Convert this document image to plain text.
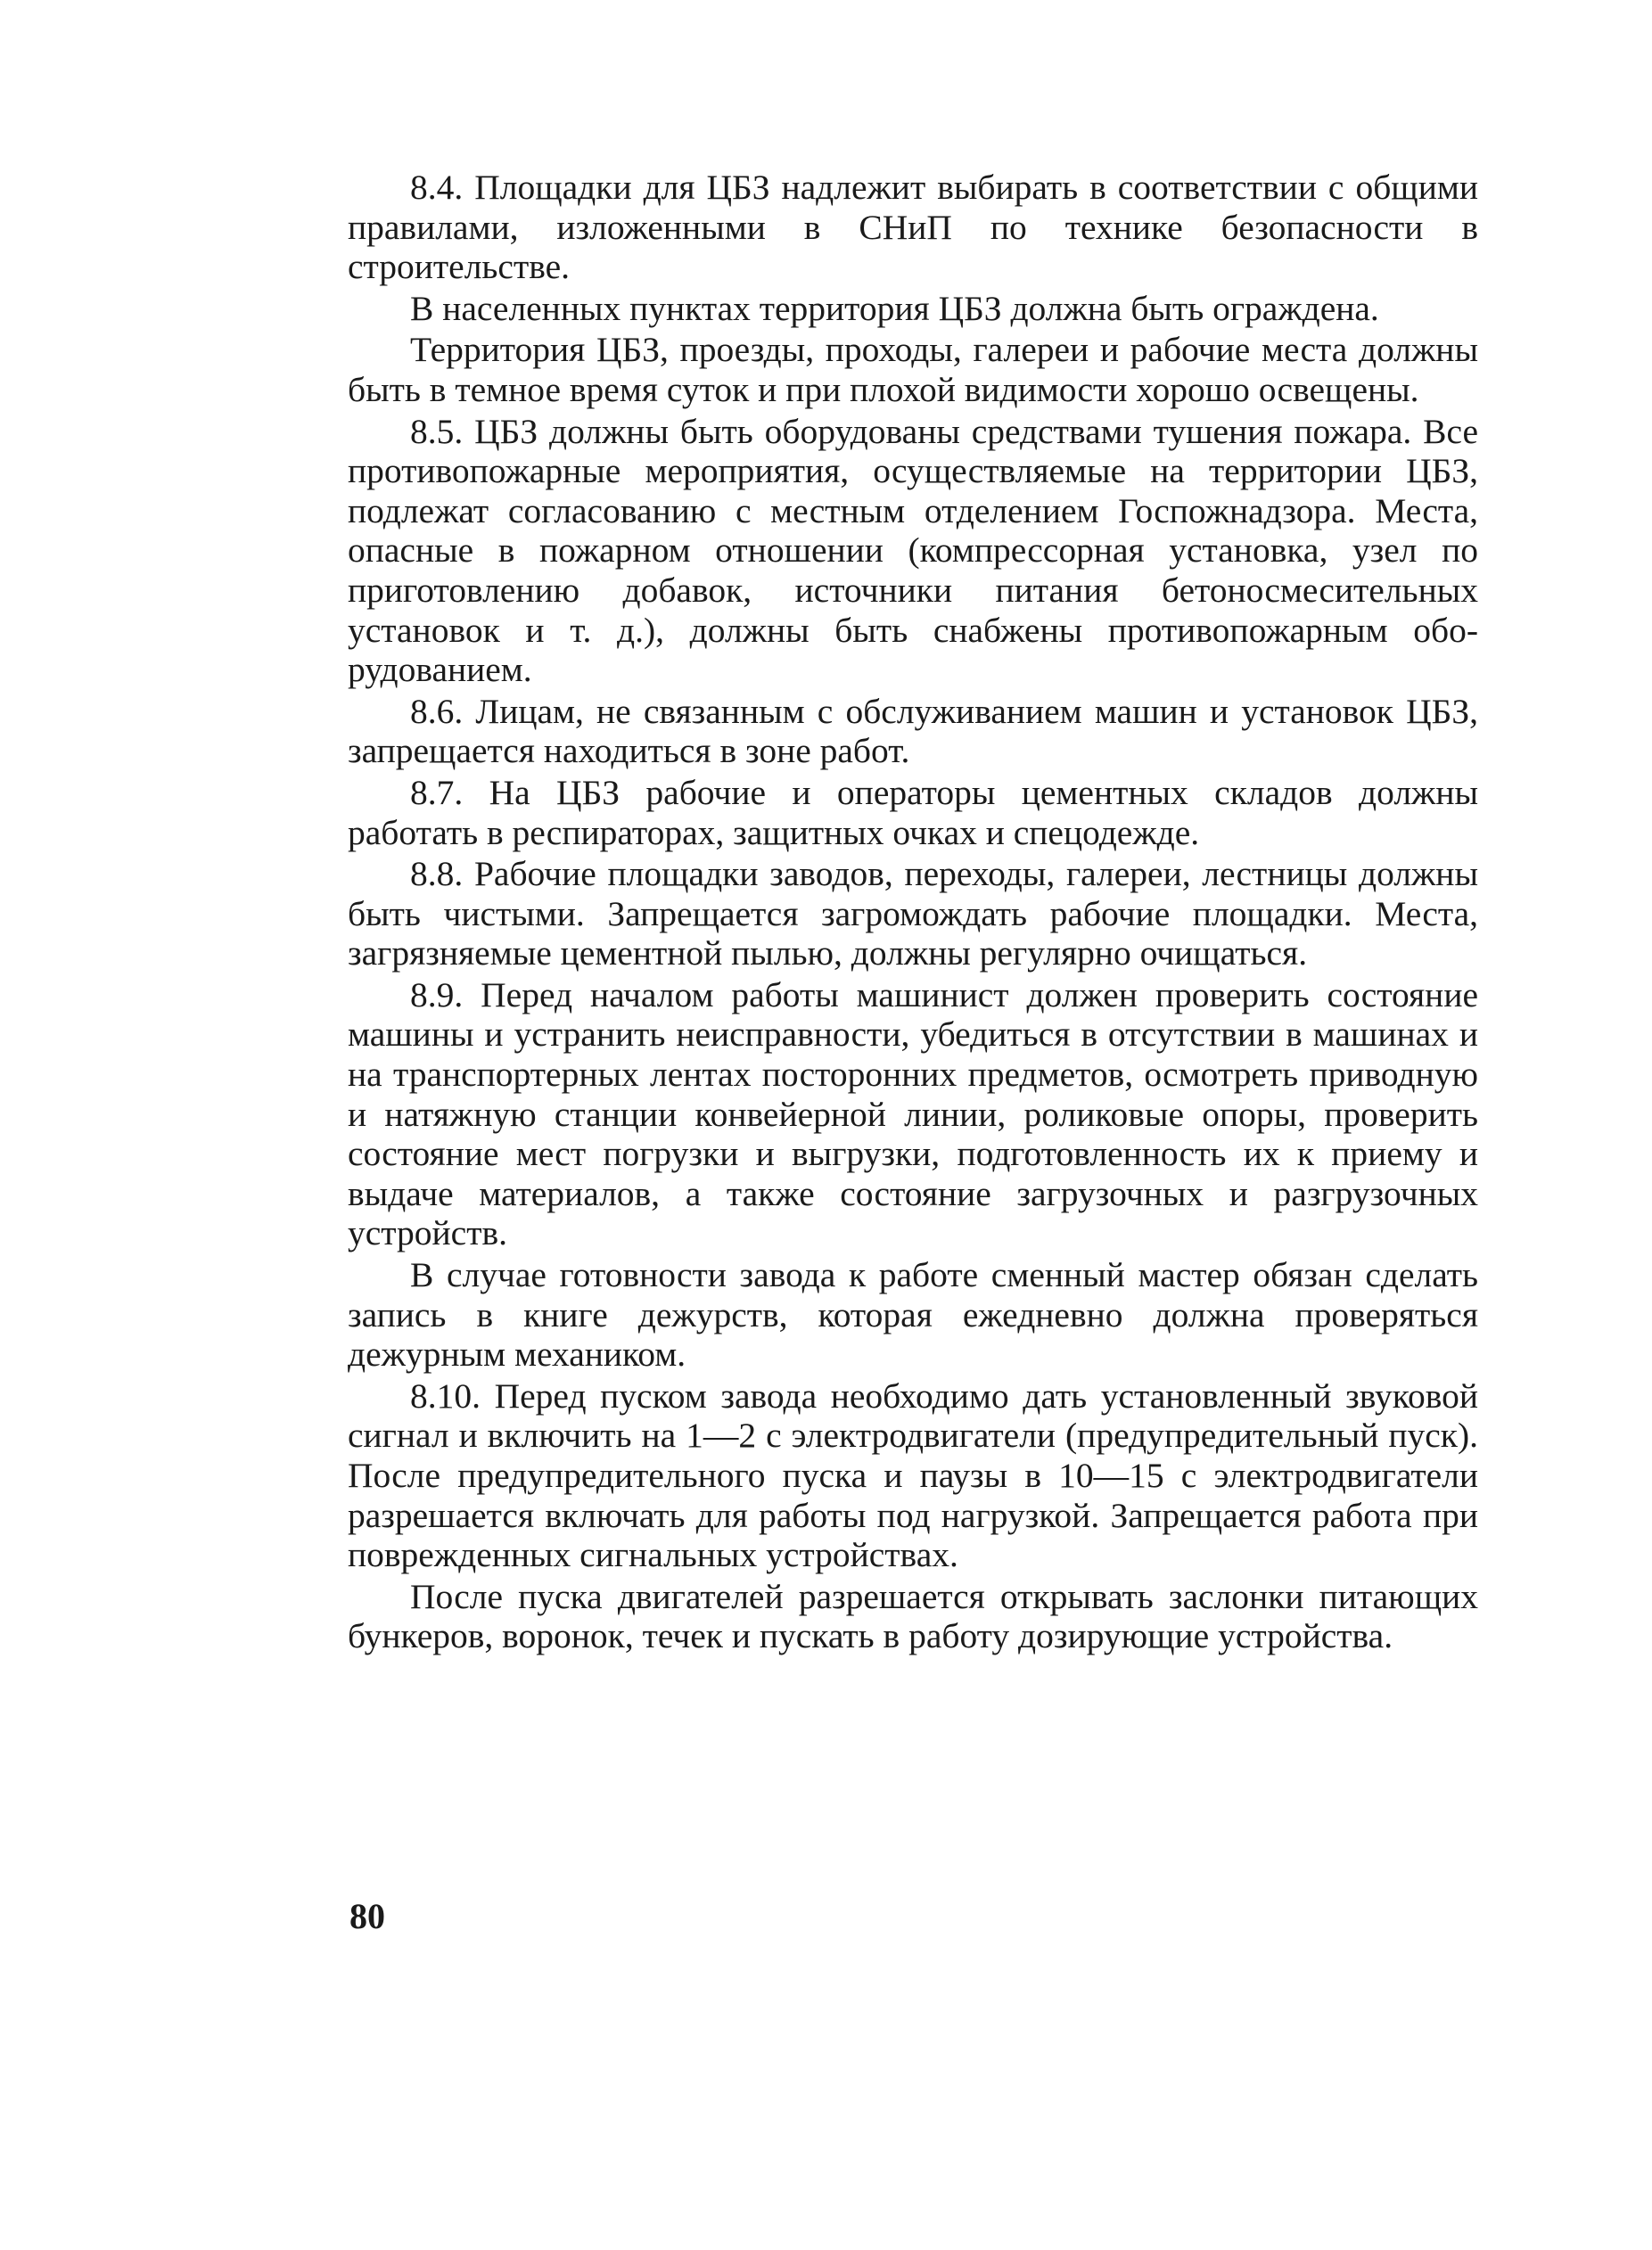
8.4. Площадки для ЦБЗ надлежит выбирать в соответствии с общими правилами, изложенными в СНиП по технике безопасности в строительстве.

В населенных пунктах территория ЦБЗ должна быть ограждена.

Территория ЦБЗ, проезды, проходы, галереи и рабочие места должны быть в темное время суток и при плохой видимости хорошо освещены.

8.5. ЦБЗ должны быть оборудованы средствами тушения пожара. Все противопожарные мероприятия, осуществляемые на территории ЦБЗ, подлежат согласованию с местным отделением Госпожнадзора. Места, опасные в пожарном отношении (компрессорная установка, узел по приготовлению добавок, источники питания бетоносмесительных установок и т. д.), должны быть снабжены противопожарным оборудованием.

8.6. Лицам, не связанным с обслуживанием машин и установок ЦБЗ, запрещается находиться в зоне работ.

8.7. На ЦБЗ рабочие и операторы цементных складов должны работать в респираторах, защитных очках и спецодежде.

8.8. Рабочие площадки заводов, переходы, галереи, лестницы должны быть чистыми. Запрещается загромождать рабочие площадки. Места, загрязняемые цементной пылью, должны регулярно очищаться.

8.9. Перед началом работы машинист должен проверить состояние машины и устранить неисправности, убедиться в отсутствии в машинах и на транспортерных лентах посторонних предметов, осмотреть приводную и натяжную станции конвейерной линии, роликовые опоры, проверить состояние мест погрузки и выгрузки, подготовленность их к приему и выдаче материалов, а также состояние загрузочных и разгрузочных устройств.

В случае готовности завода к работе сменный мастер обязан сделать запись в книге дежурств, которая ежедневно должна проверяться дежурным механиком.

8.10. Перед пуском завода необходимо дать установленный звуковой сигнал и включить на 1—2 с электродвигатели (предупредительный пуск). После предупредительного пуска и паузы в 10—15 с электродвигатели разрешается включать для работы под нагрузкой. Запрещается работа при поврежденных сигнальных устройствах.

После пуска двигателей разрешается открывать заслонки питающих бункеров, воронок, течек и пускать в работу дозирующие устройства.

80
